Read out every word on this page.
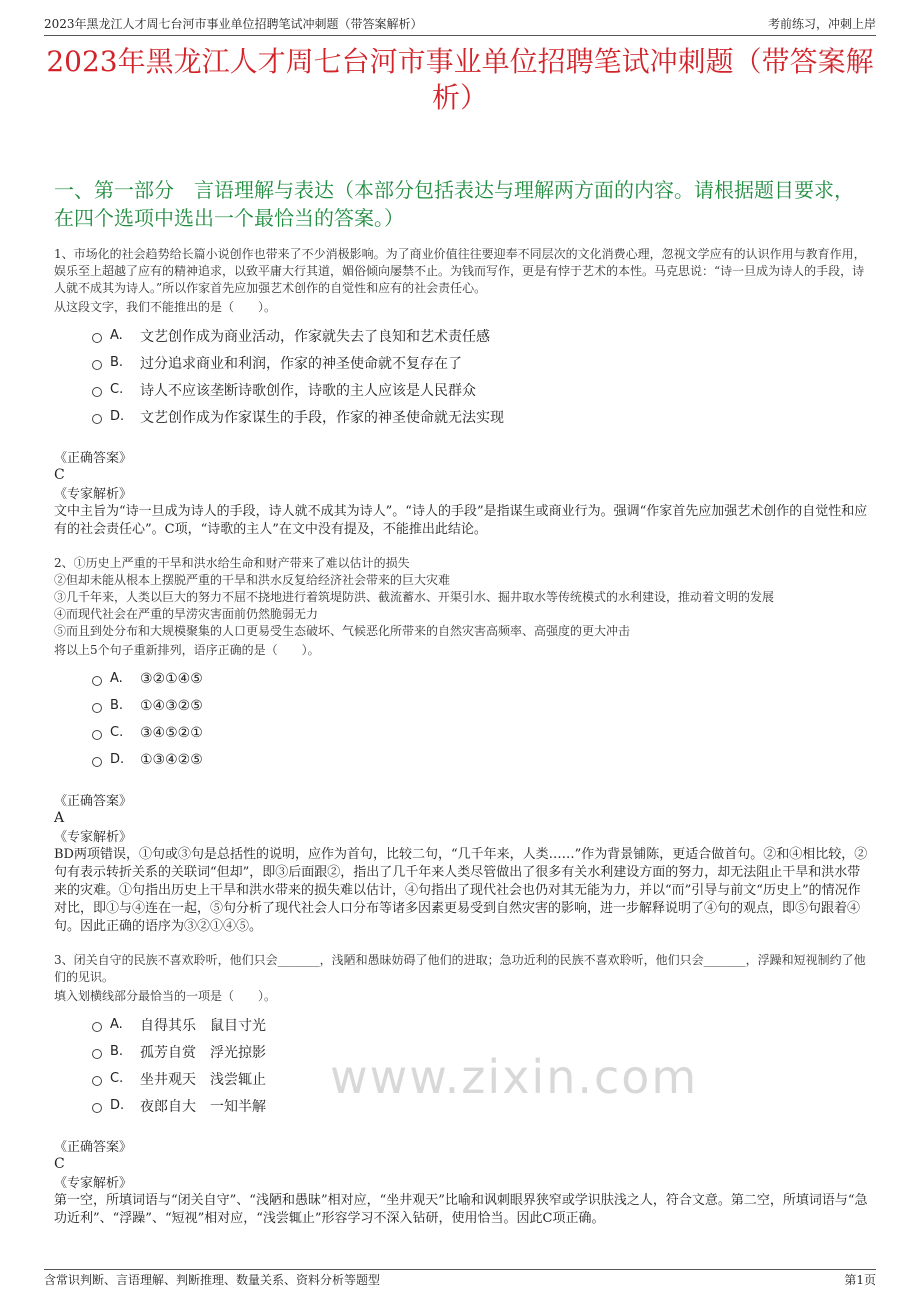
2023年黑龙江人才周七台河市事业单位招聘笔试冲刺题（带答案解析）	考前练习，冲刺上岸
2023年黑龙江人才周七台河市事业单位招聘笔试冲刺题（带答案解析）
一、第一部分　言语理解与表达（本部分包括表达与理解两方面的内容。请根据题目要求，在四个选项中选出一个最恰当的答案。）
1、市场化的社会趋势给长篇小说创作也带来了不少消极影响。为了商业价值往往要迎奉不同层次的文化消费心理，忽视文学应有的认识作用与教育作用，娱乐至上超越了应有的精神追求，以致平庸大行其道，媚俗倾向屡禁不止。为钱而写作，更是有悖于艺术的本性。马克思说：“诗一旦成为诗人的手段，诗人就不成其为诗人。”所以作家首先应加强艺术创作的自觉性和应有的社会责任心。
从这段文字，我们不能推出的是（　　）。
A.	文艺创作成为商业活动，作家就失去了良知和艺术责任感
B.	过分追求商业和利润，作家的神圣使命就不复存在了
C.	诗人不应该垄断诗歌创作，诗歌的主人应该是人民群众
D.	文艺创作成为作家谋生的手段，作家的神圣使命就无法实现
《正确答案》
C
《专家解析》
文中主旨为“诗一旦成为诗人的手段，诗人就不成其为诗人”。“诗人的手段”是指谋生或商业行为。强调“作家首先应加强艺术创作的自觉性和应有的社会责任心”。C项，“诗歌的主人”在文中没有提及，不能推出此结论。
2、①历史上严重的干旱和洪水给生命和财产带来了难以估计的损失
②但却未能从根本上摆脱严重的干旱和洪水反复给经济社会带来的巨大灾难
③几千年来，人类以巨大的努力不屈不挠地进行着筑堤防洪、截流蓄水、开渠引水、掘井取水等传统模式的水利建设，推动着文明的发展
④而现代社会在严重的旱涝灾害面前仍然脆弱无力
⑤而且到处分布和大规模聚集的人口更易受生态破坏、气候恶化所带来的自然灾害高频率、高强度的更大冲击
将以上5个句子重新排列，语序正确的是（　　）。
A.	③②①④⑤
B.	①④③②⑤
C.	③④⑤②①
D.	①③④②⑤
《正确答案》
A
《专家解析》
BD两项错误，①句或③句是总括性的说明，应作为首句，比较二句，“几千年来，人类……”作为背景铺陈，更适合做首句。②和④相比较，②句有表示转折关系的关联词“但却”，即③后面跟②，指出了几千年来人类尽管做出了很多有关水利建设方面的努力，却无法阻止干旱和洪水带来的灾难。①句指出历史上干旱和洪水带来的损失难以估计，④句指出了现代社会也仍对其无能为力，并以“而”引导与前文“历史上”的情况作对比，即①与④连在一起，⑤句分析了现代社会人口分布等诸多因素更易受到自然灾害的影响，进一步解释说明了④句的观点，即⑤句跟着④句。因此正确的语序为③②①④⑤。
3、闭关自守的民族不喜欢聆听，他们只会_______，浅陋和愚昧妨碍了他们的进取；急功近利的民族不喜欢聆听，他们只会_______，浮躁和短视制约了他们的见识。
填入划横线部分最恰当的一项是（　　）。
A.	自得其乐　鼠目寸光
B.	孤芳自赏　浮光掠影
C.	坐井观天　浅尝辄止
D.	夜郎自大　一知半解
《正确答案》
C
《专家解析》
第一空，所填词语与“闭关自守”、“浅陋和愚昧”相对应，“坐井观天”比喻和讽刺眼界狭窄或学识肤浅之人，符合文意。第二空，所填词语与“急功近利”、“浮躁”、“短视”相对应，“浅尝辄止”形容学习不深入钻研，使用恰当。因此C项正确。
www.zixin.com
含常识判断、言语理解、判断推理、数量关系、资料分析等题型	第1页
